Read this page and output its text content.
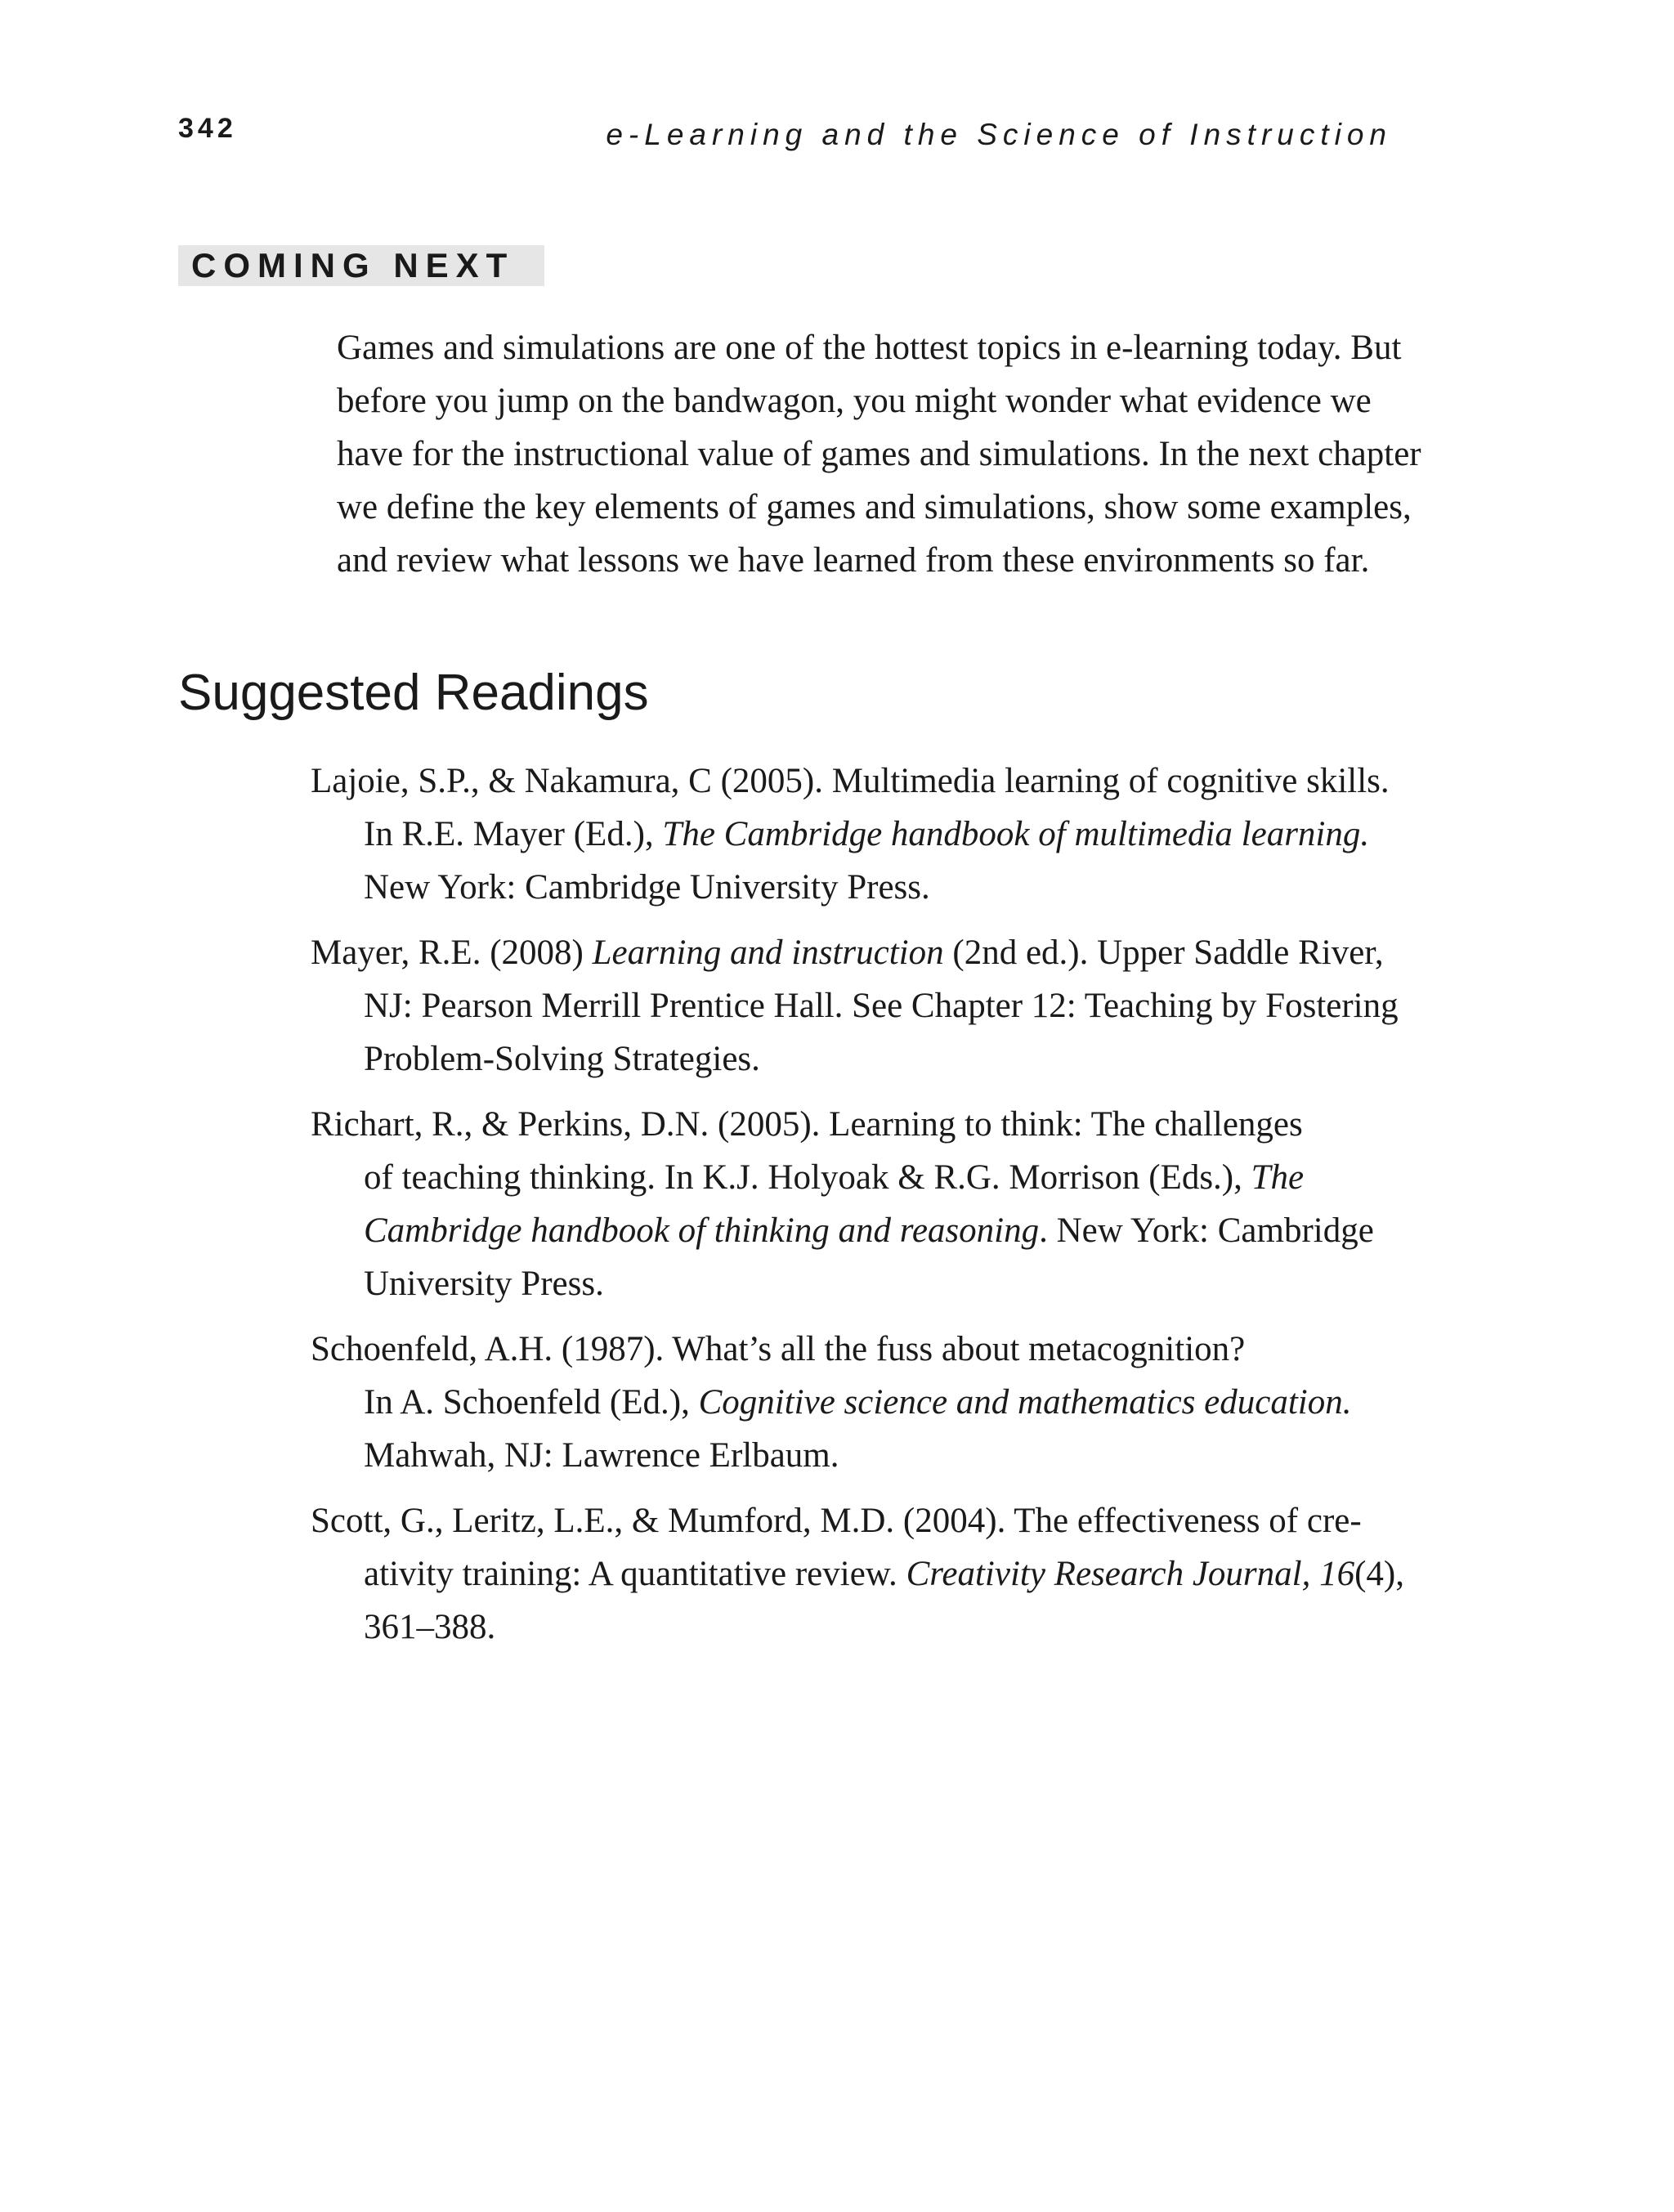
342	e-Learning and the Science of Instruction
COMING NEXT

Games and simulations are one of the hottest topics in e-learning today. But
before you jump on the bandwagon, you might wonder what evidence we
have for the instructional value of games and simulations. In the next chapter
we define the key elements of games and simulations, show some examples,
and review what lessons we have learned from these environments so far.

Suggested Readings
Lajoie, S.P., & Nakamura, C (2005). Multimedia learning of cognitive skills.
In R.E. Mayer (Ed.), The Cambridge handbook of multimedia learning.
New York: Cambridge University Press.
Mayer, R.E. (2008) Learning and instruction (2nd ed.). Upper Saddle River,
NJ: Pearson Merrill Prentice Hall. See Chapter 12: Teaching by Fostering
Problem-Solving Strategies.
Richart, R., & Perkins, D.N. (2005). Learning to think: The challenges
of teaching thinking. In K.J. Holyoak & R.G. Morrison (Eds.), The
Cambridge handbook of thinking and reasoning. New York: Cambridge
University Press.
Schoenfeld, A.H. (1987). What’s all the fuss about metacognition?
In A. Schoenfeld (Ed.), Cognitive science and mathematics education.
Mahwah, NJ: Lawrence Erlbaum.
Scott, G., Leritz, L.E., & Mumford, M.D. (2004). The effectiveness of cre-
ativity training: A quantitative review. Creativity Research Journal, 16(4),
361–388.
